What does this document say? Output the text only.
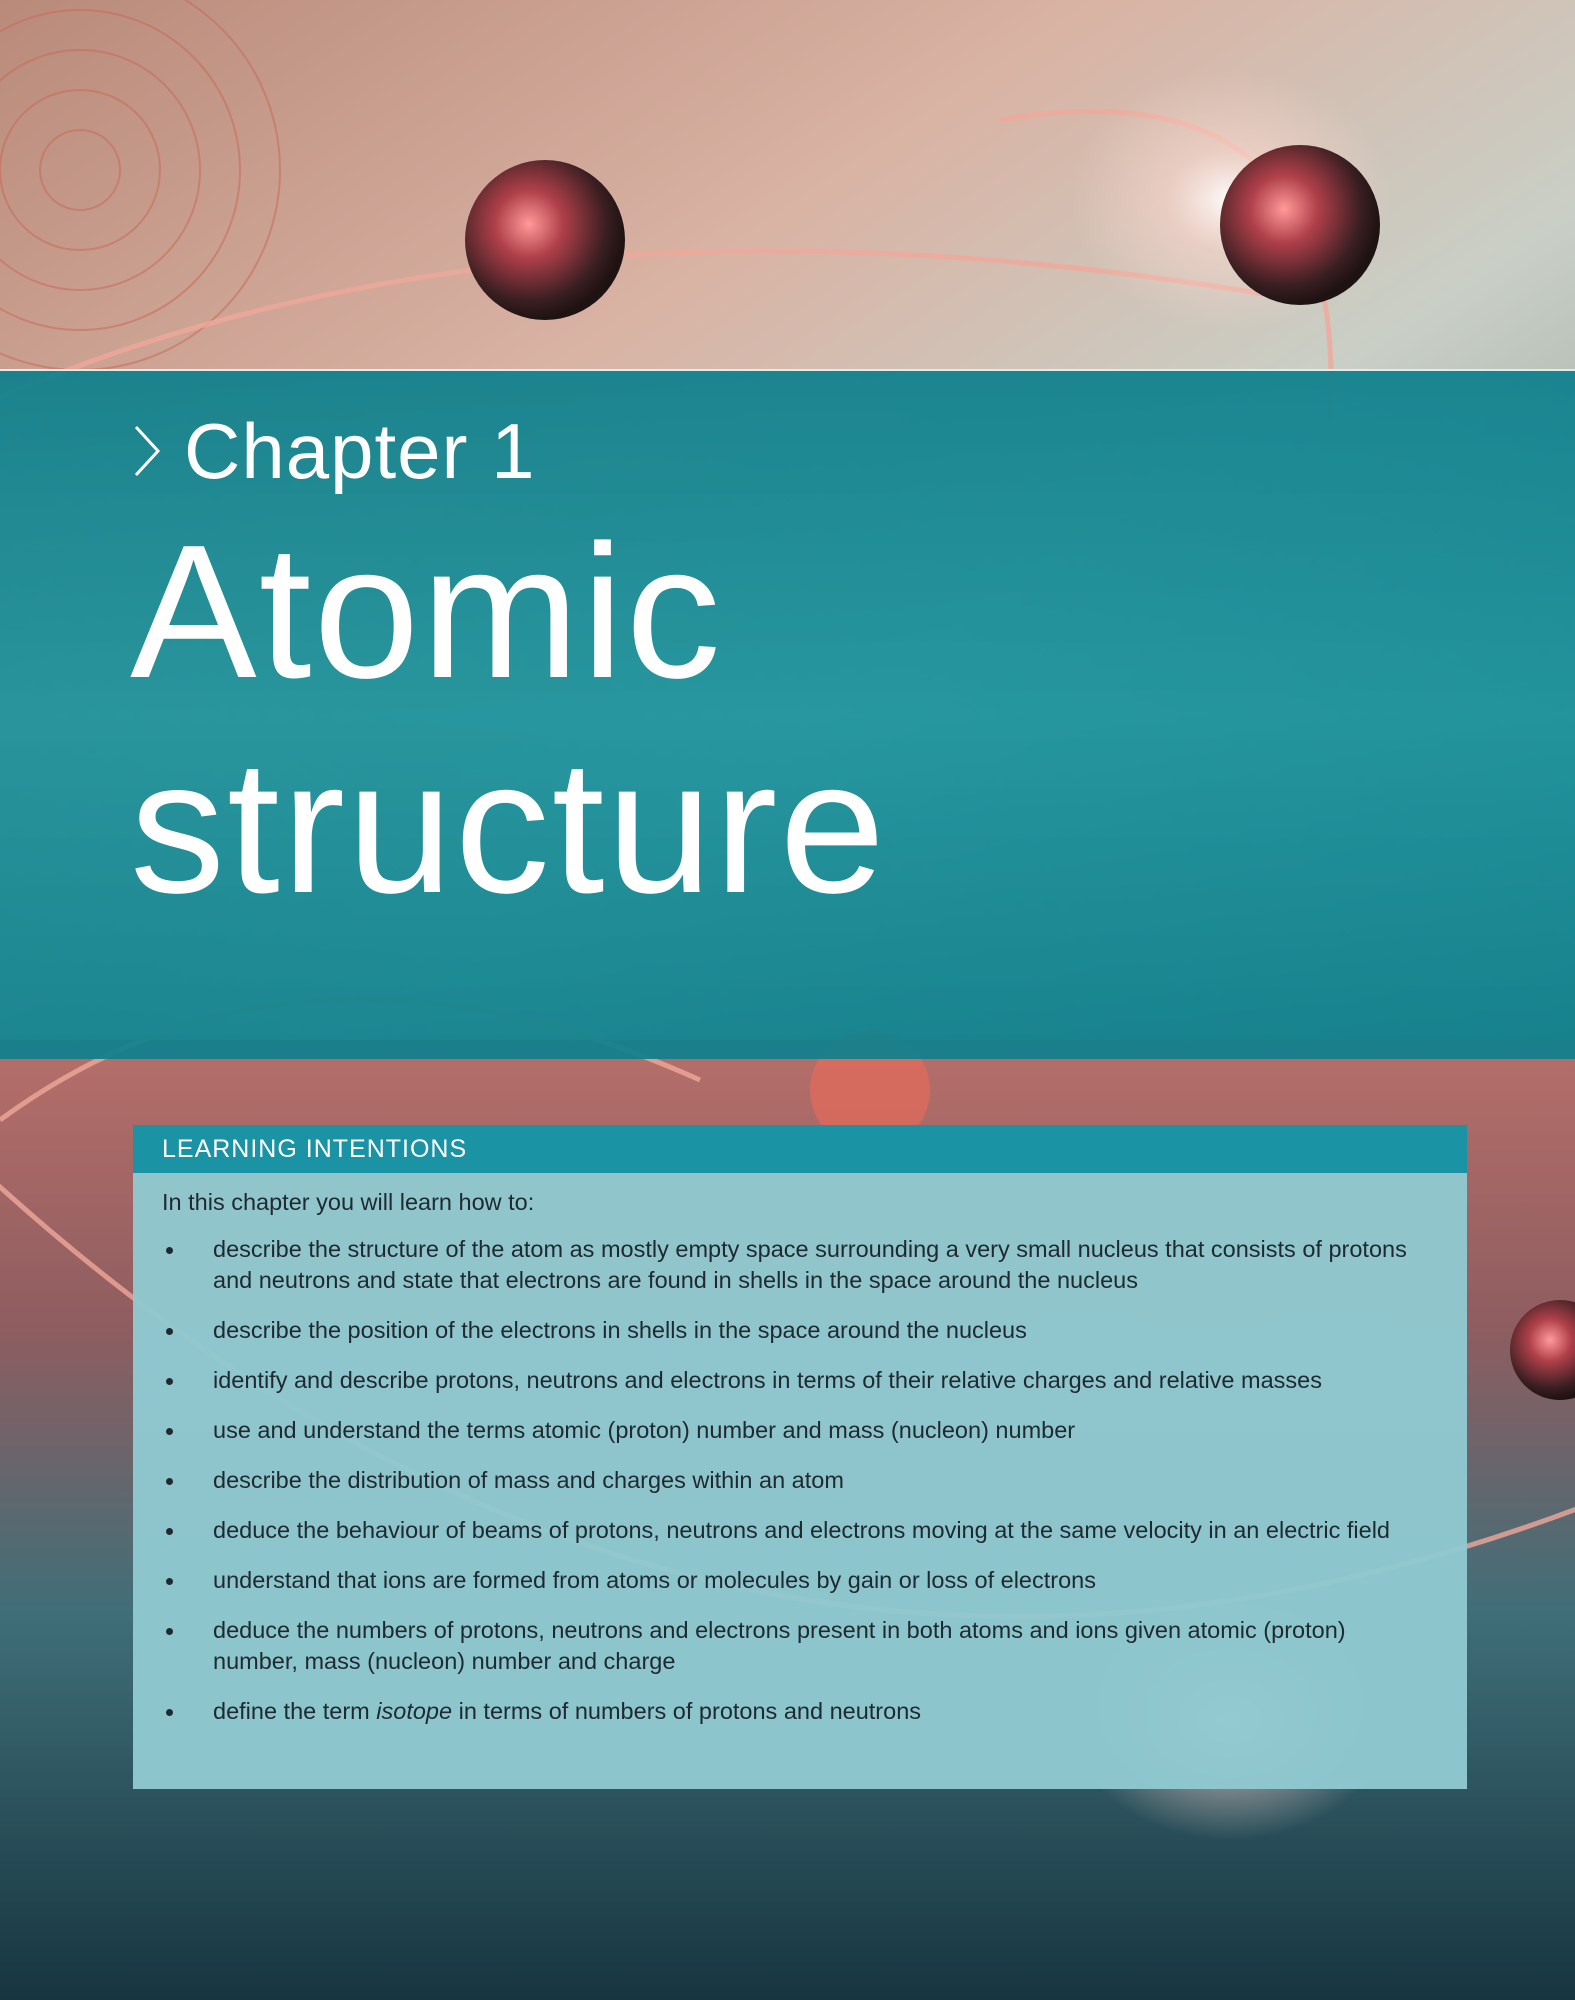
Chapter 1
Atomic
structure
LEARNING INTENTIONS

In this chapter you will learn how to:

describe the structure of the atom as mostly empty space surrounding a very small nucleus that consists of protons and neutrons and state that electrons are found in shells in the space around the nucleus
describe the position of the electrons in shells in the space around the nucleus
identify and describe protons, neutrons and electrons in terms of their relative charges and relative masses
use and understand the terms atomic (proton) number and mass (nucleon) number
describe the distribution of mass and charges within an atom
deduce the behaviour of beams of protons, neutrons and electrons moving at the same velocity in an electric field
understand that ions are formed from atoms or molecules by gain or loss of electrons
deduce the numbers of protons, neutrons and electrons present in both atoms and ions given atomic (proton) number, mass (nucleon) number and charge
define the term isotope in terms of numbers of protons and neutrons
